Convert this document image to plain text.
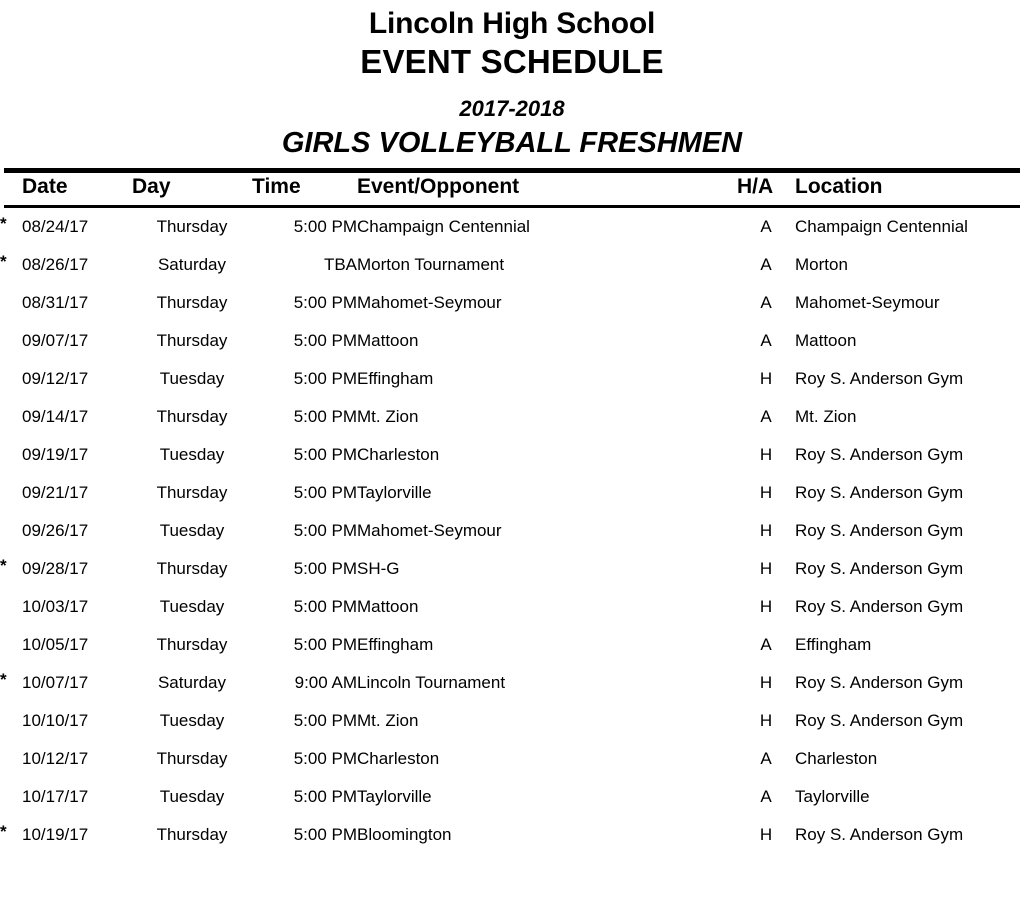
Lincoln High School
EVENT SCHEDULE
2017-2018
GIRLS VOLLEYBALL FRESHMEN
	Date	Day	Time	Event/Opponent	H/A	Location
*	08/24/17	Thursday	5:00 PM	Champaign Centennial	A	Champaign Centennial
*	08/26/17	Saturday	TBA	Morton Tournament	A	Morton
	08/31/17	Thursday	5:00 PM	Mahomet-Seymour	A	Mahomet-Seymour
	09/07/17	Thursday	5:00 PM	Mattoon	A	Mattoon
	09/12/17	Tuesday	5:00 PM	Effingham	H	Roy S. Anderson Gym
	09/14/17	Thursday	5:00 PM	Mt. Zion	A	Mt. Zion
	09/19/17	Tuesday	5:00 PM	Charleston	H	Roy S. Anderson Gym
	09/21/17	Thursday	5:00 PM	Taylorville	H	Roy S. Anderson Gym
	09/26/17	Tuesday	5:00 PM	Mahomet-Seymour	H	Roy S. Anderson Gym
*	09/28/17	Thursday	5:00 PM	SH-G	H	Roy S. Anderson Gym
	10/03/17	Tuesday	5:00 PM	Mattoon	H	Roy S. Anderson Gym
	10/05/17	Thursday	5:00 PM	Effingham	A	Effingham
*	10/07/17	Saturday	9:00 AM	Lincoln Tournament	H	Roy S. Anderson Gym
	10/10/17	Tuesday	5:00 PM	Mt. Zion	H	Roy S. Anderson Gym
	10/12/17	Thursday	5:00 PM	Charleston	A	Charleston
	10/17/17	Tuesday	5:00 PM	Taylorville	A	Taylorville
*	10/19/17	Thursday	5:00 PM	Bloomington	H	Roy S. Anderson Gym
